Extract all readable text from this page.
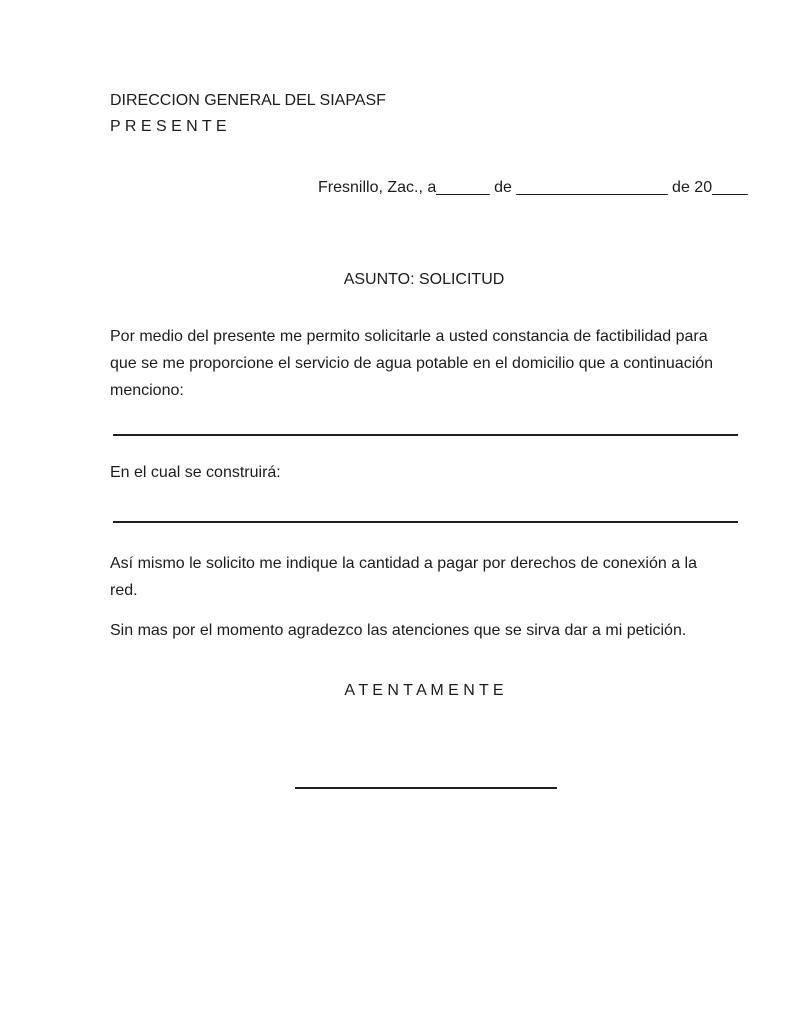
DIRECCION GENERAL DEL SIAPASF
P R E S E N T E
Fresnillo, Zac., a______ de _________________ de 20____
ASUNTO: SOLICITUD
Por medio del presente me permito solicitarle a usted constancia de factibilidad para
que se me proporcione el servicio de agua potable en el domicilio que a continuación
menciono:
En el cual se construirá:
Así mismo le solicito me indique la cantidad a pagar por derechos de conexión a la
red.
Sin mas por el momento agradezco las atenciones que se sirva dar a mi petición.
A T E N T A M E N T E
